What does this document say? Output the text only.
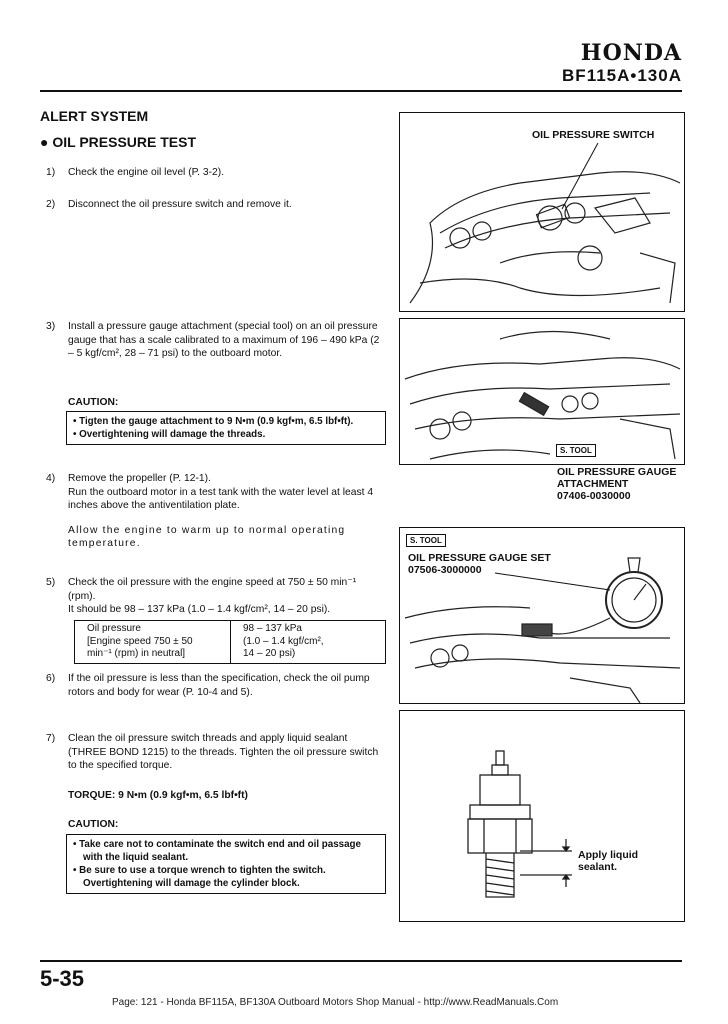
HONDA
BF115A•130A
ALERT SYSTEM
● OIL PRESSURE TEST
1) Check the engine oil level (P. 3-2).
2) Disconnect the oil pressure switch and remove it.
3) Install a pressure gauge attachment (special tool) on an oil pressure gauge that has a scale calibrated to a maximum of 196 – 490 kPa (2 – 5 kgf/cm², 28 – 71 psi) to the outboard motor.
CAUTION:
• Tigten the gauge attachment to 9 N•m (0.9 kgf•m, 6.5 lbf•ft).
• Overtightening will damage the threads.
4) Remove the propeller (P. 12-1).
Run the outboard motor in a test tank with the water level at least 4 inches above the antiventilation plate.
Allow the engine to warm up to normal operating temperature.
5) Check the oil pressure with the engine speed at 750 ± 50 min⁻¹ (rpm).
It should be 98 – 137 kPa (1.0 – 1.4 kgf/cm², 14 – 20 psi).
Oil pressure
[Engine speed 750 ± 50
min⁻¹ (rpm) in neutral]

98 – 137 kPa
(1.0 – 1.4 kgf/cm²,
14 – 20 psi)
6) If the oil pressure is less than the specification, check the oil pump rotors and body for wear (P. 10-4 and 5).
7) Clean the oil pressure switch threads and apply liquid sealant (THREE BOND 1215) to the threads. Tighten the oil pressure switch to the specified torque.
TORQUE: 9 N•m (0.9 kgf•m, 6.5 lbf•ft)
CAUTION:
• Take care not to contaminate the switch end and oil passage with the liquid sealant.
• Be sure to use a torque wrench to tighten the switch. Overtightening will damage the cylinder block.
OIL PRESSURE SWITCH
S. TOOL
OIL PRESSURE GAUGE
ATTACHMENT
07406-0030000
S. TOOL
OIL PRESSURE GAUGE SET
07506-3000000
Apply liquid
sealant.
5-35
Page: 121 - Honda BF115A, BF130A Outboard Motors Shop Manual - http://www.ReadManuals.Com
